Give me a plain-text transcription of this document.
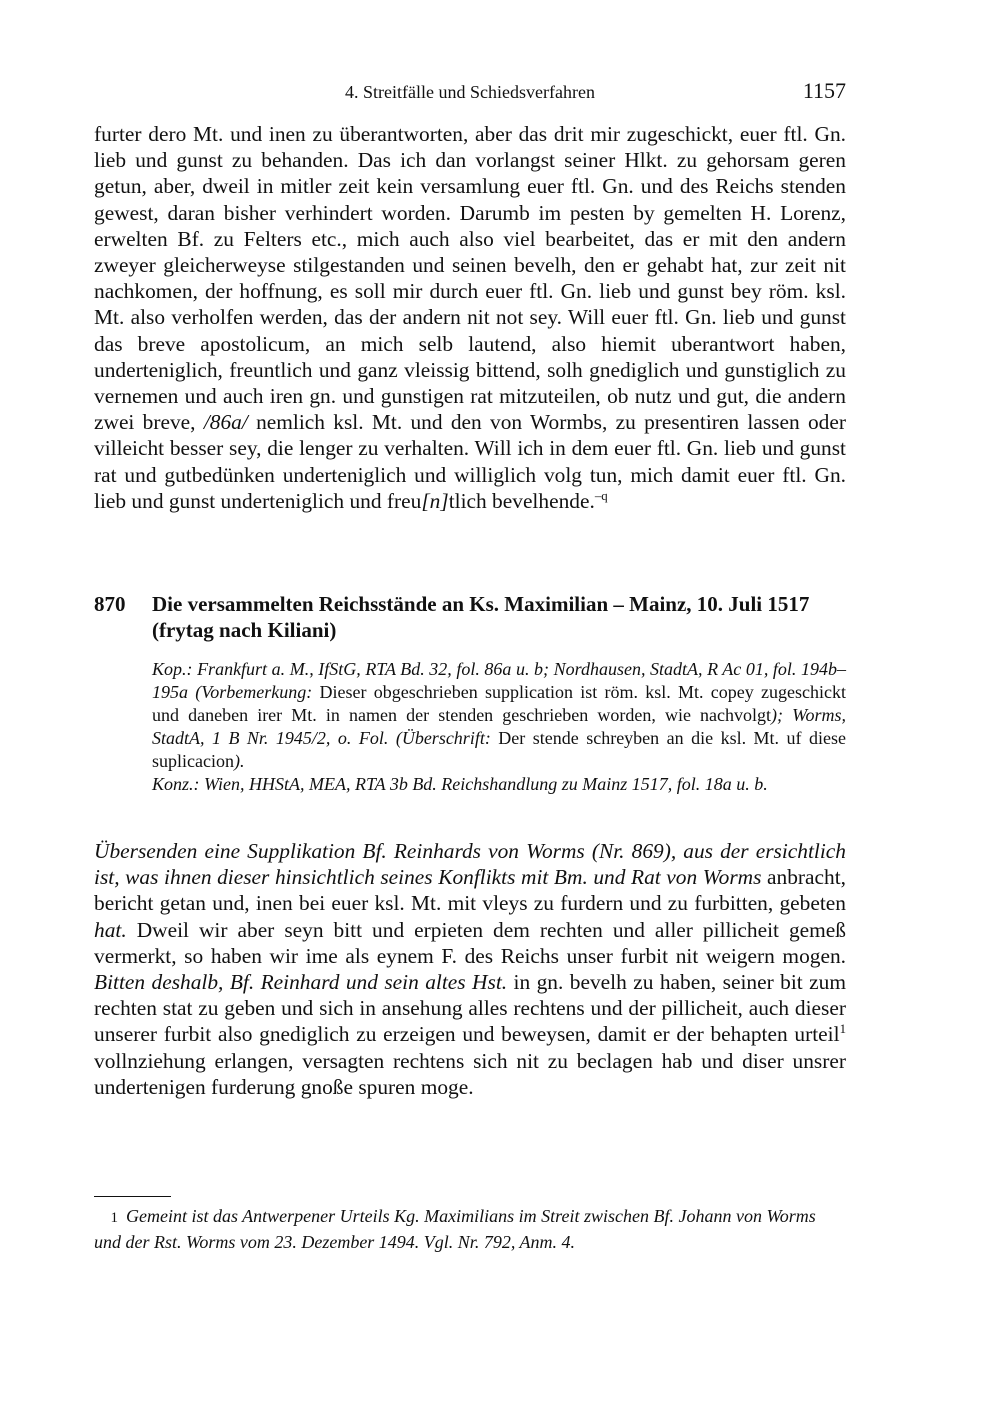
4. Streitfälle und Schiedsverfahren	1157

furter dero Mt. und inen zu überantworten, aber das drit mir zugeschickt, euer ftl. Gn. lieb und gunst zu behanden. Das ich dan vorlangst seiner Hlkt. zu gehorsam geren getun, aber, dweil in mitler zeit kein versamlung euer ftl. Gn. und des Reichs stenden gewest, daran bisher verhindert worden. Darumb im pesten by gemelten H. Lorenz, erwelten Bf. zu Felters etc., mich auch also viel bearbeitet, das er mit den andern zweyer gleicherweyse stilgestanden und seinen bevelh, den er gehabt hat, zur zeit nit nachkomen, der hoffnung, es soll mir durch euer ftl. Gn. lieb und gunst bey röm. ksl. Mt. also verholfen werden, das der andern nit not sey. Will euer ftl. Gn. lieb und gunst das breve apostolicum, an mich selb lautend, also hiemit uberantwort haben, underteniglich, freuntlich und ganz vleissig bittend, solh gnediglich und gunstiglich zu vernemen und auch iren gn. und gunstigen rat mitzuteilen, ob nutz und gut, die andern zwei breve, /86a/ nemlich ksl. Mt. und den von Wormbs, zu presentiren lassen oder villeicht besser sey, die lenger zu verhalten. Will ich in dem euer ftl. Gn. lieb und gunst rat und gutbedünken underteniglich und williglich volg tun, mich damit euer ftl. Gn. lieb und gunst underteniglich und freu[n]tlich bevelhende.$^{-q}$

870	Die versammelten Reichsstände an Ks. Maximilian – Mainz, 10. Juli 1517 (frytag nach Kiliani)

Kop.: Frankfurt a. M., IfStG, RTA Bd. 32, fol. 86a u. b; Nordhausen, StadtA, R Ac 01, fol. 194b–195a (Vorbemerkung: Dieser obgeschrieben supplication ist röm. ksl. Mt. copey zugeschickt und daneben irer Mt. in namen der stenden geschrieben worden, wie nachvolgt); Worms, StadtA, 1 B Nr. 1945/2, o. Fol. (Überschrift: Der stende schreyben an die ksl. Mt. uf diese suplicacion).

Konz.: Wien, HHStA, MEA, RTA 3b Bd. Reichshandlung zu Mainz 1517, fol. 18a u. b.

Übersenden eine Supplikation Bf. Reinhards von Worms (Nr. 869), aus der ersichtlich ist, was ihnen dieser hinsichtlich seines Konflikts mit Bm. und Rat von Worms anbracht, bericht getan und, inen bei euer ksl. Mt. mit vleys zu furdern und zu furbitten, gebeten hat. Dweil wir aber seyn bitt und erpieten dem rechten und aller pillicheit gemeß vermerkt, so haben wir ime als eynem F. des Reichs unser furbit nit weigern mogen. Bitten deshalb, Bf. Reinhard und sein altes Hst. in gn. bevelh zu haben, seiner bit zum rechten stat zu geben und sich in ansehung alles rechtens und der pillicheit, auch dieser unserer furbit also gnediglich zu erzeigen und beweysen, damit er der behapten urteil$^1$ vollnziehung erlangen, versagten rechtens sich nit zu beclagen hab und diser unsrer undertenigen furderung gnoße spuren moge.

1 Gemeint ist das Antwerpener Urteils Kg. Maximilians im Streit zwischen Bf. Johann von Worms und der Rst. Worms vom 23. Dezember 1494. Vgl. Nr. 792, Anm. 4.
